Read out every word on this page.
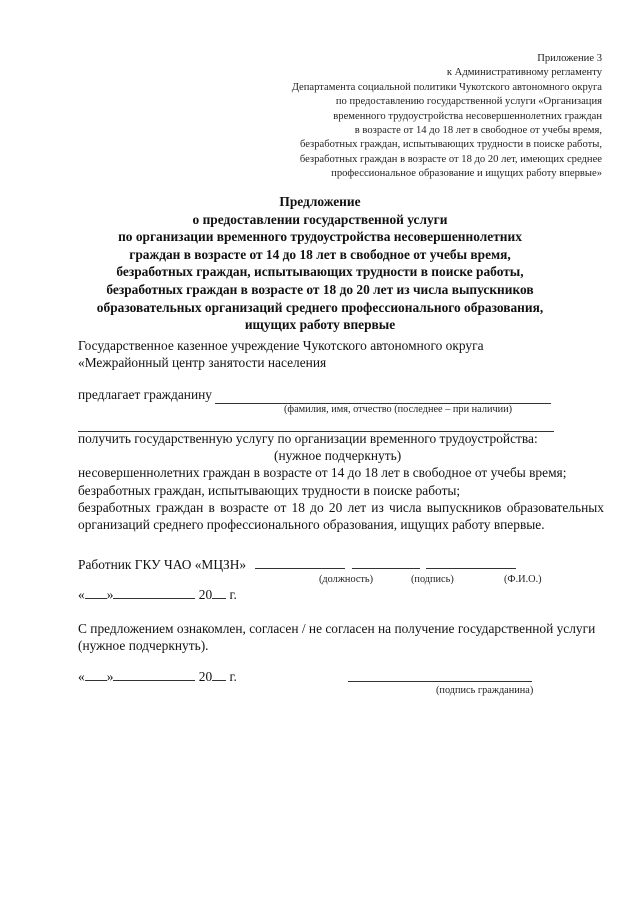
Приложение 3
к Административному регламенту
Департамента социальной политики Чукотского автономного округа
по предоставлению государственной услуги «Организация
временного трудоустройства несовершеннолетних граждан
в возрасте от 14 до 18 лет в свободное от учебы время,
безработных граждан, испытывающих трудности в поиске работы,
безработных граждан в возрасте от 18 до 20 лет, имеющих среднее
профессиональное образование и ищущих работу впервые»
Предложение
о предоставлении государственной услуги
по организации временного трудоустройства несовершеннолетних
граждан в возрасте от 14 до 18 лет в свободное от учебы время,
безработных граждан, испытывающих трудности в поиске работы,
безработных граждан в возрасте от 18 до 20 лет из числа выпускников
образовательных организаций среднего профессионального образования,
ищущих работу впервые
Государственное казенное учреждение Чукотского автономного округа
«Межрайонный центр занятости населения
предлагает гражданину
(фамилия, имя, отчество (последнее – при наличии)
получить государственную услугу по организации временного трудоустройства:
(нужное подчеркнуть)
несовершеннолетних граждан в возрасте от 14 до 18 лет в свободное от учебы время;
безработных граждан, испытывающих трудности в поиске работы;
безработных граждан в возрасте от 18 до 20 лет из числа выпускников образовательных организаций среднего профессионального образования, ищущих работу впервые.
Работник ГКУ ЧАО «МЦЗН»
(должность)	(подпись)	(Ф.И.О.)
« »	20 г.
С предложением ознакомлен, согласен / не согласен на получение государственной услуги (нужное подчеркнуть).
« »	20 г.
(подпись гражданина)
